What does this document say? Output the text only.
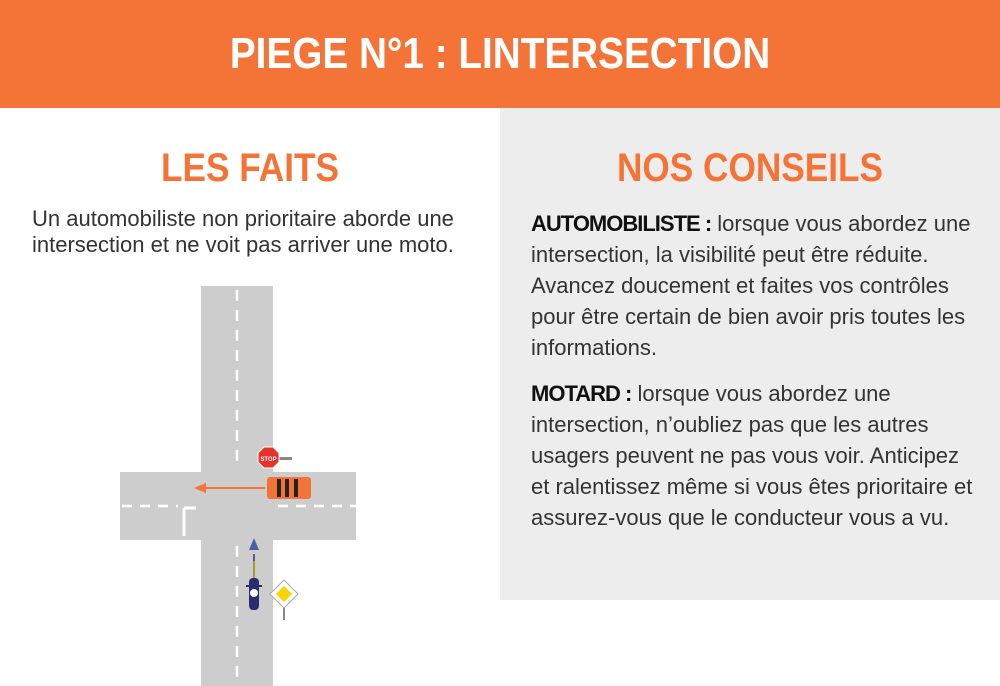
PIEGE N°1 : LINTERSECTION
LES FAITS

Un automobiliste non prioritaire aborde une intersection et ne voit pas arriver une moto.

STOP
NOS CONSEILS

AUTOMOBILISTE : lorsque vous abordez une intersection, la visibilité peut être réduite. Avancez doucement et faites vos contrôles pour être certain de bien avoir pris toutes les informations.

MOTARD : lorsque vous abordez une intersection, n’oubliez pas que les autres usagers peuvent ne pas vous voir. Anticipez et ralentissez même si vous êtes prioritaire et assurez-vous que le conducteur vous a vu.
